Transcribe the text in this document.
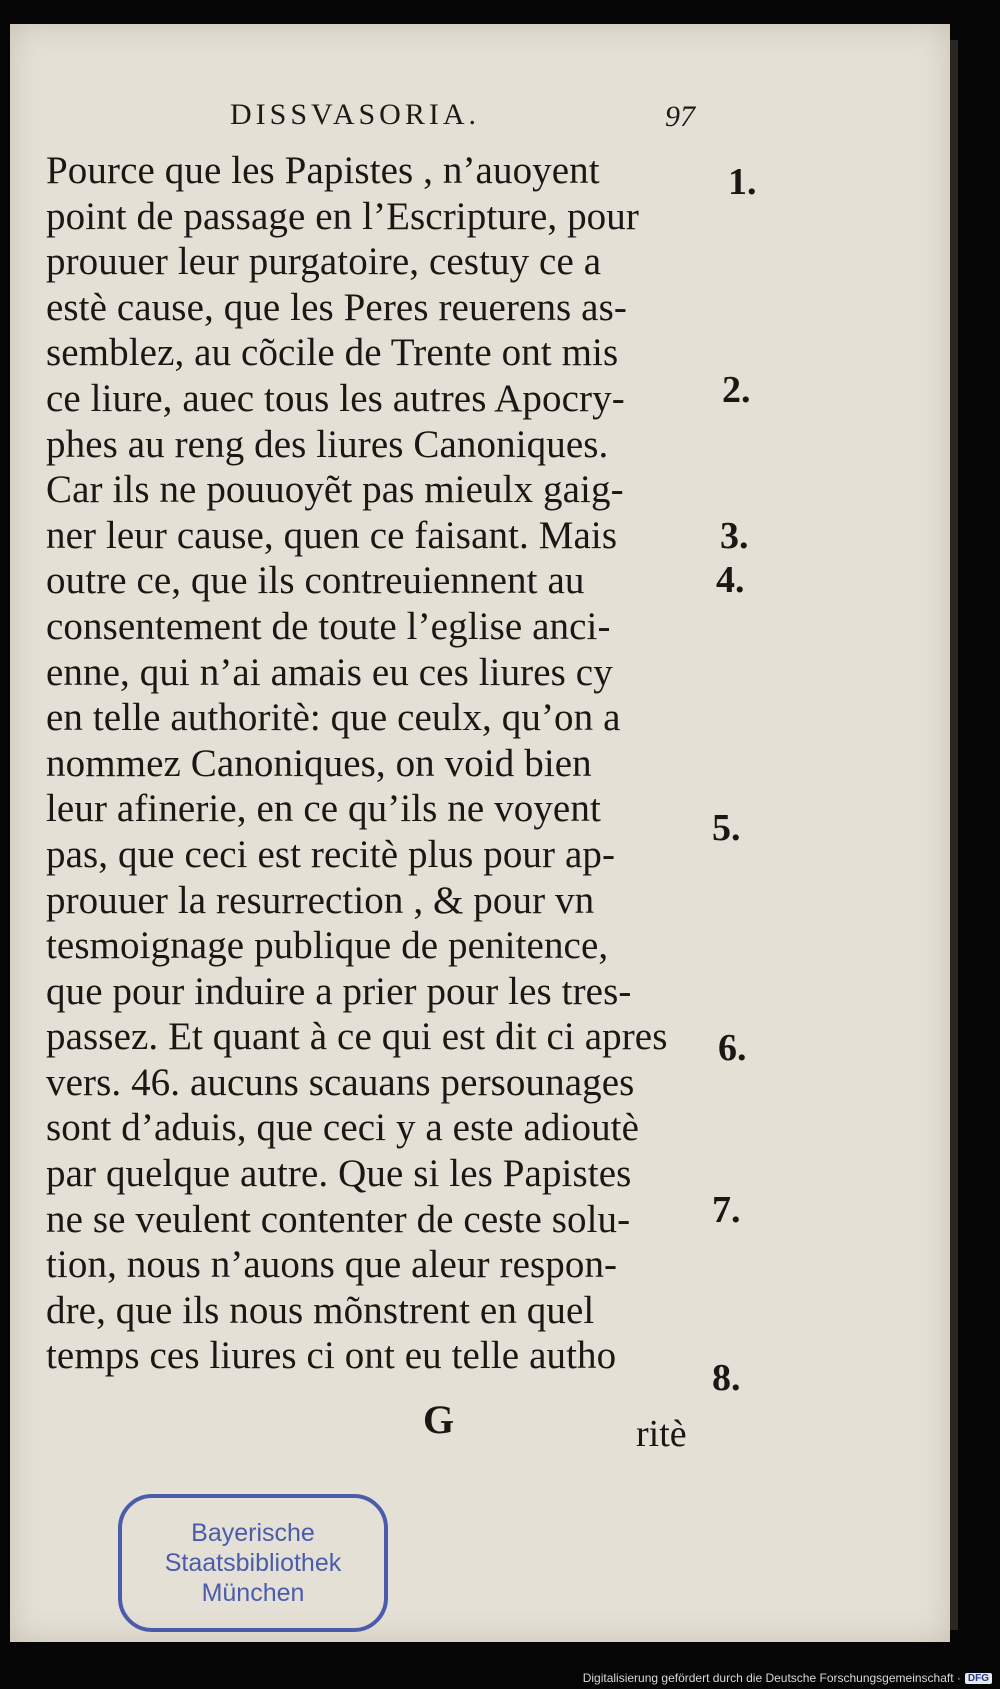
DISSVASORIA.	97
Pource que les Papistes , n’auoyent
point de passage en l’Escripture, pour
prouuer leur purgatoire, cestuy ce a
estè cause, que les Peres reuerens as-
semblez, au cõcile de Trente ont mis
ce liure, auec tous les autres Apocry-
phes au reng des liures Canoniques.
Car ils ne pouuoyẽt pas mieulx gaig-
ner leur cause, quen ce faisant. Mais
outre ce, que ils contreuiennent au
consentement de toute l’eglise anci-
enne, qui n’ai amais eu ces liures cy
en telle authoritè: que ceulx, qu’on a
nommez Canoniques, on void bien
leur afinerie, en ce qu’ils ne voyent
pas, que ceci est recitè plus pour ap-
prouuer la resurrection , & pour vn
tesmoignage publique de penitence,
que pour induire a prier pour les tres-
passez. Et quant à ce qui est dit ci apres
vers. 46. aucuns scauans persounages
sont d’aduis, que ceci y a este adioutè
par quelque autre. Que si les Papistes
ne se veulent contenter de ceste solu-
tion, nous n’auons que aleur respon-
dre, que ils nous mõnstrent en quel
temps ces liures ci ont eu telle autho
1.
2.
3.
4.
5.
6.
7.
8.
G	ritè
Bayerische
Staatsbibliothek
München
Digitalisierung gefördert durch die Deutsche Forschungsgemeinschaft · DFG
